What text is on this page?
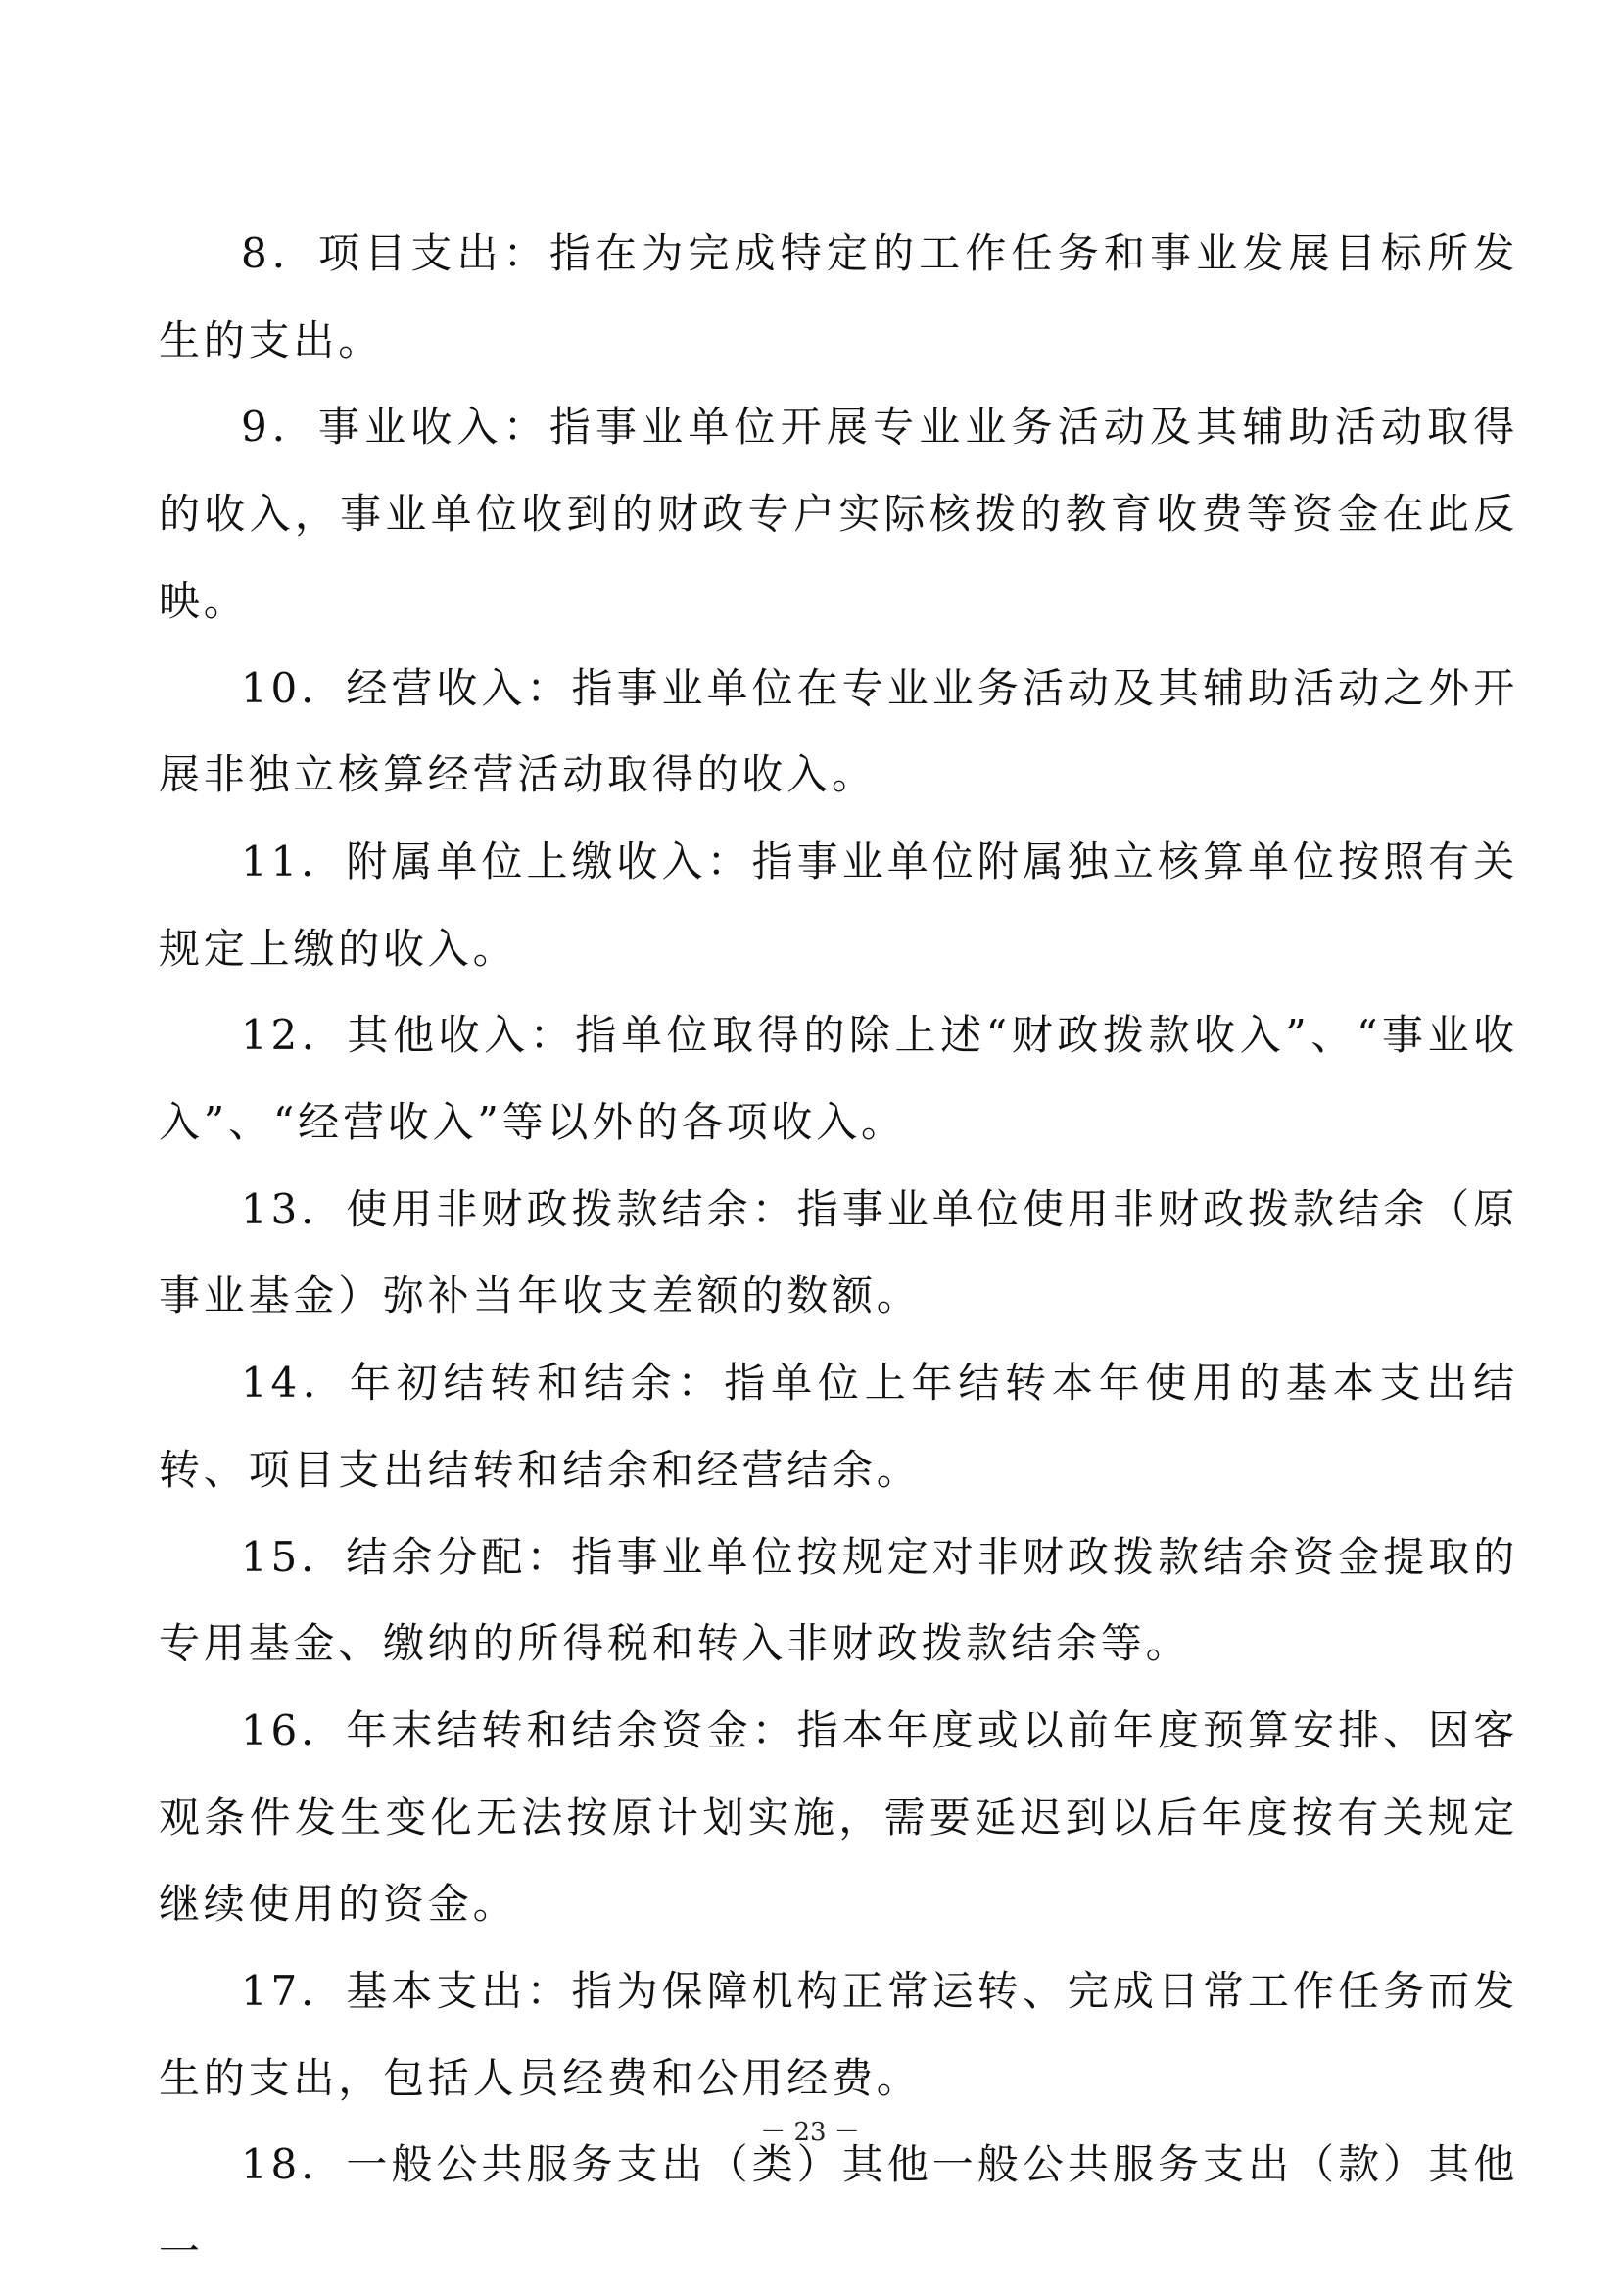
8．项目支出：指在为完成特定的工作任务和事业发展目标所发生的支出。

9．事业收入：指事业单位开展专业业务活动及其辅助活动取得的收入，事业单位收到的财政专户实际核拨的教育收费等资金在此反映。

10．经营收入：指事业单位在专业业务活动及其辅助活动之外开展非独立核算经营活动取得的收入。

11．附属单位上缴收入：指事业单位附属独立核算单位按照有关规定上缴的收入。

12．其他收入：指单位取得的除上述“财政拨款收入”、“事业收入”、“经营收入”等以外的各项收入。

13．使用非财政拨款结余：指事业单位使用非财政拨款结余（原事业基金）弥补当年收支差额的数额。

14．年初结转和结余：指单位上年结转本年使用的基本支出结转、项目支出结转和结余和经营结余。

15．结余分配：指事业单位按规定对非财政拨款结余资金提取的专用基金、缴纳的所得税和转入非财政拨款结余等。

16．年末结转和结余资金：指本年度或以前年度预算安排、因客观条件发生变化无法按原计划实施，需要延迟到以后年度按有关规定继续使用的资金。

17．基本支出：指为保障机构正常运转、完成日常工作任务而发生的支出，包括人员经费和公用经费。

18．一般公共服务支出（类）其他一般公共服务支出（款）其他一

－ 23 －
